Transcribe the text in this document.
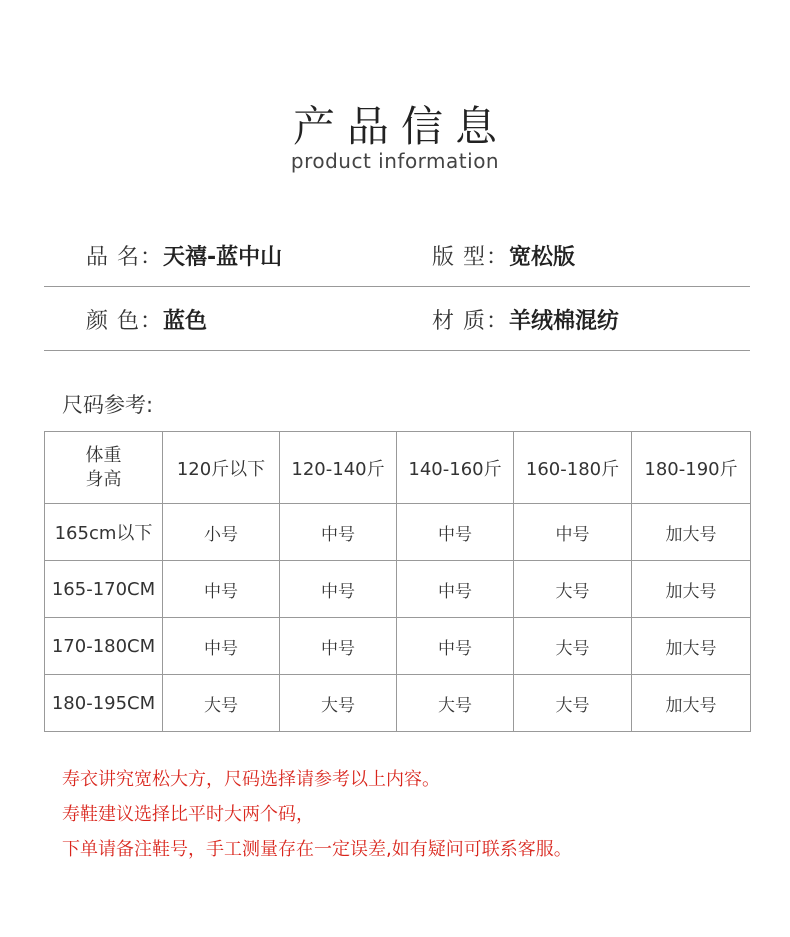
产品信息
product information
品 名：天禧-蓝中山	版 型：宽松版
颜 色：蓝色	材 质：羊绒棉混纺
尺码参考:
体重
身高	120斤以下	120-140斤	140-160斤	160-180斤	180-190斤
165cm以下	小号	中号	中号	中号	加大号
165-170CM	中号	中号	中号	大号	加大号
170-180CM	中号	中号	中号	大号	加大号
180-195CM	大号	大号	大号	大号	加大号
寿衣讲究宽松大方，尺码选择请参考以上内容。
寿鞋建议选择比平时大两个码，
下单请备注鞋号，手工测量存在一定误差,如有疑问可联系客服。
